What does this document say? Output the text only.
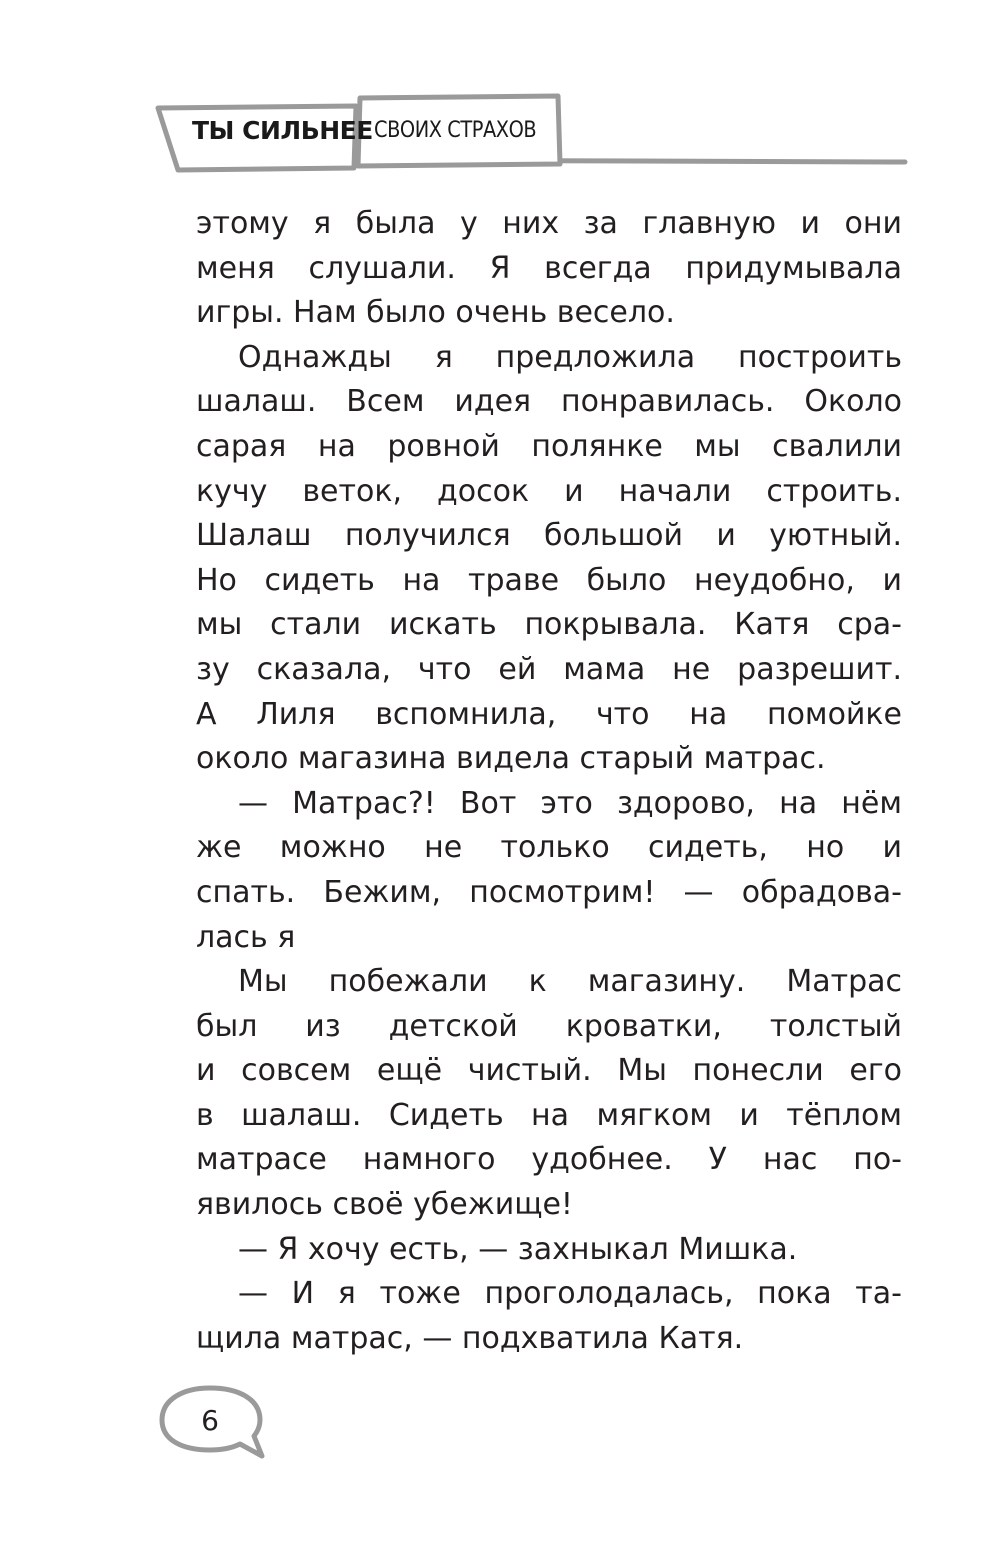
ТЫ СИЛЬНЕЕ СВОИХ СТРАХОВ
этому я была у них за главную и они
меня слушали. Я всегда придумывала
игры. Нам было очень весело.
Однажды я предложила построить
шалаш. Всем идея понравилась. Около
сарая на ровной полянке мы свалили
кучу веток, досок и начали строить.
Шалаш получился большой и уютный.
Но сидеть на траве было неудобно, и
мы стали искать покрывала. Катя сра-
зу сказала, что ей мама не разрешит.
А Лиля вспомнила, что на помойке
около магазина видела старый матрас.
— Матрас?! Вот это здорово, на нём
же можно не только сидеть, но и
спать. Бежим, посмотрим! — обрадова-
лась я
Мы побежали к магазину. Матрас
был из детской кроватки, толстый
и совсем ещё чистый. Мы понесли его
в шалаш. Сидеть на мягком и тёплом
матрасе намного удобнее. У нас по-
явилось своё убежище!
— Я хочу есть, — захныкал Мишка.
— И я тоже проголодалась, пока та-
щила матрас, — подхватила Катя.
6
